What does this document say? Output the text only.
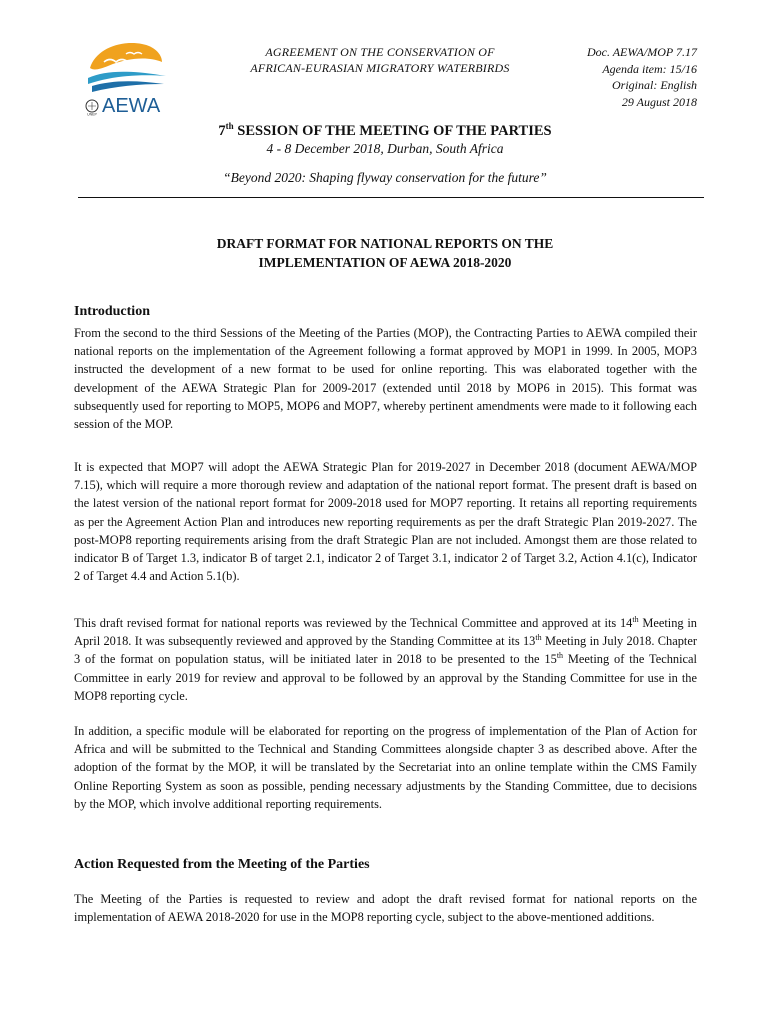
UNEP AEWA
AGREEMENT ON THE CONSERVATION OF
AFRICAN-EURASIAN MIGRATORY WATERBIRDS
Doc. AEWA/MOP 7.17
Agenda item: 15/16
Original: English
29 August 2018
7th SESSION OF THE MEETING OF THE PARTIES
4 - 8 December 2018, Durban, South Africa
“Beyond 2020: Shaping flyway conservation for the future”
DRAFT FORMAT FOR NATIONAL REPORTS ON THE
IMPLEMENTATION OF AEWA 2018-2020
Introduction

From the second to the third Sessions of the Meeting of the Parties (MOP), the Contracting Parties to AEWA compiled their national reports on the implementation of the Agreement following a format approved by MOP1 in 1999. In 2005, MOP3 instructed the development of a new format to be used for online reporting. This was elaborated together with the development of the AEWA Strategic Plan for 2009-2017 (extended until 2018 by MOP6 in 2015). This format was subsequently used for reporting to MOP5, MOP6 and MOP7, whereby pertinent amendments were made to it following each session of the MOP.

It is expected that MOP7 will adopt the AEWA Strategic Plan for 2019-2027 in December 2018 (document AEWA/MOP 7.15), which will require a more thorough review and adaptation of the national report format. The present draft is based on the latest version of the national report format for 2009-2018 used for MOP7 reporting. It retains all reporting requirements as per the Agreement Action Plan and introduces new reporting requirements as per the draft Strategic Plan 2019-2027. The post-MOP8 reporting requirements arising from the draft Strategic Plan are not included. Amongst them are those related to indicator B of Target 1.3, indicator B of target 2.1, indicator 2 of Target 3.1, indicator 2 of Target 3.2, Action 4.1(c), Indicator 2 of Target 4.4 and Action 5.1(b).

This draft revised format for national reports was reviewed by the Technical Committee and approved at its 14th Meeting in April 2018. It was subsequently reviewed and approved by the Standing Committee at its 13th Meeting in July 2018. Chapter 3 of the format on population status, will be initiated later in 2018 to be presented to the 15th Meeting of the Technical Committee in early 2019 for review and approval to be followed by an approval by the Standing Committee for use in the MOP8 reporting cycle.

In addition, a specific module will be elaborated for reporting on the progress of implementation of the Plan of Action for Africa and will be submitted to the Technical and Standing Committees alongside chapter 3 as described above. After the adoption of the format by the MOP, it will be translated by the Secretariat into an online template within the CMS Family Online Reporting System as soon as possible, pending necessary adjustments by the Standing Committee, due to decisions by the MOP, which involve additional reporting requirements.

Action Requested from the Meeting of the Parties

The Meeting of the Parties is requested to review and adopt the draft revised format for national reports on the implementation of AEWA 2018-2020 for use in the MOP8 reporting cycle, subject to the above-mentioned additions.
